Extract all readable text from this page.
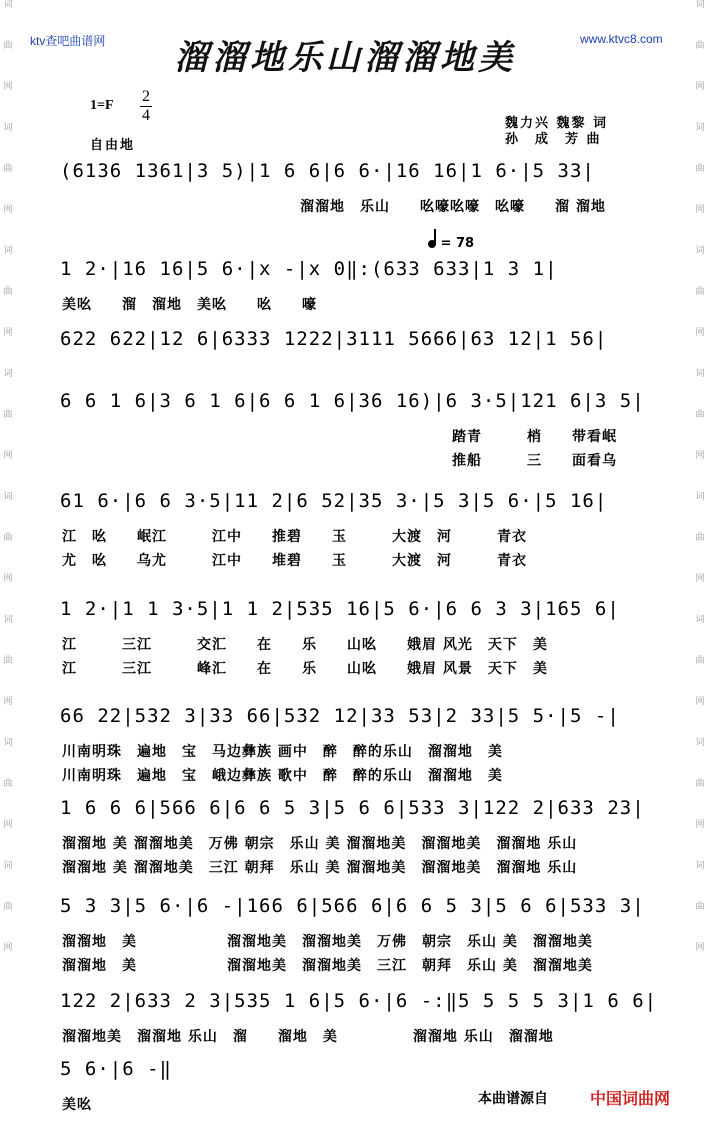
ktv查吧曲谱网	www.ktvc8.com
词
曲
网
词
曲
网
词
曲
网
词
曲
网
词
曲
网
词
曲
网
词
曲
网
词
曲
网
词
曲
网
词
曲
网
词
曲
网
词
曲
网
词
曲
网
词
曲
网
词
曲
网
词
曲
网
溜溜地乐山溜溜地美
1=F
2
4
自由地
魏力兴 魏黎 词
孙　成　芳 曲
= 78
(6136 1361|3 5)|1 6 6|6 6·|16 16|1 6·|5 33|
溜溜地　乐山　　吆嚎吆嚎　吆嚎　　溜 溜地
1 2·|16 16|5 6·|x -|x 0‖:(633 633|1 3 1|
美吆　　溜　溜地　美吆　　吆　　嚎
622 622|12 6|6333 1222|3111 5666|63 12|1 56|
6 6 1 6|3 6 1 6|6 6 1 6|36 16)|6 3·5|121 6|3 5|
踏青　　　梢　　带看岷
推船　　　三　　面看乌
61 6·|6 6 3·5|11 2|6 52|35 3·|5 3|5 6·|5 16|
江　吆　　岷江　　　江中　　推碧　　玉　　　大渡　河　　　青衣
尤　吆　　乌尤　　　江中　　堆碧　　玉　　　大渡　河　　　青衣
1 2·|1 1 3·5|1 1 2|535 16|5 6·|6 6 3 3|165 6|
江　　　三江　　　交汇　　在　　乐　　山吆　　娥眉 风光　天下　美
江　　　三江　　　峰汇　　在　　乐　　山吆　　娥眉 风景　天下　美
66 22|532 3|33 66|532 12|33 53|2 33|5 5·|5 -|
川南明珠　遍地　宝　马边彝族 画中　醉　醉的乐山　溜溜地　美
川南明珠　遍地　宝　峨边彝族 歌中　醉　醉的乐山　溜溜地　美
1 6 6 6|566 6|6 6 5 3|5 6 6|533 3|122 2|633 23|
溜溜地 美 溜溜地美　万佛 朝宗　乐山 美 溜溜地美　溜溜地美　溜溜地 乐山
溜溜地 美 溜溜地美　三江 朝拜　乐山 美 溜溜地美　溜溜地美　溜溜地 乐山
5 3 3|5 6·|6 -|166 6|566 6|6 6 5 3|5 6 6|533 3|
溜溜地　美　　　　　　溜溜地美　溜溜地美　万佛　朝宗　乐山 美　溜溜地美
溜溜地　美　　　　　　溜溜地美　溜溜地美　三江　朝拜　乐山 美　溜溜地美
122 2|633 2 3|535 1 6|5 6·|6 -:‖5 5 5 5 3|1 6 6|
溜溜地美　溜溜地 乐山　溜　　溜地　美　　　　　溜溜地 乐山　溜溜地
5 6·|6 -‖
美吆	本曲谱源自	中国词曲网
